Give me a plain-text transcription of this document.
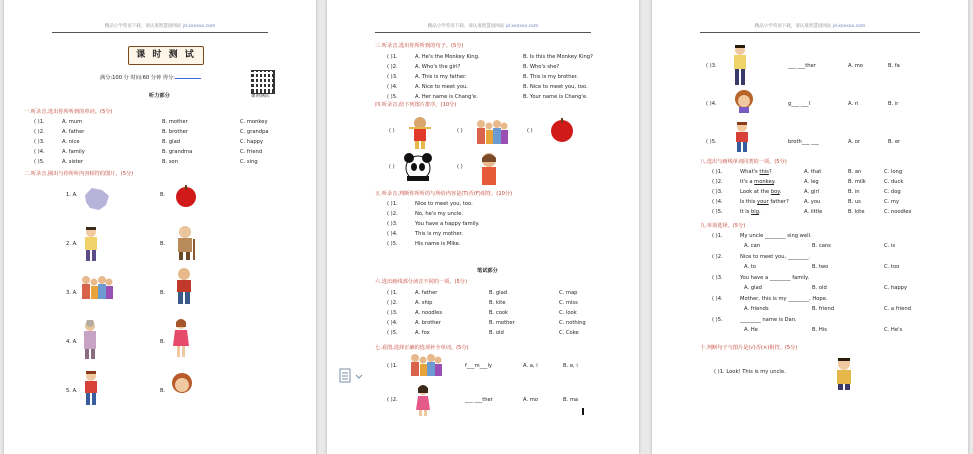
精品小学英语下载，请认准智慧园网站 jd.xxxxxx.com
课 时 测 试
满分:100 分 时间:60 分钟 得分:
课时测试
听力部分
一.听录音,选出你所听到的单词。(5分)
二.听录音,圈出与你所听内容相符的图片。(5分)
( )1.	A. mum	B. mother	C. monkey
( )2.	A. father	B. brother	C. grandpa
( )3.	A. nice	B. glad	C. happy
( )4.	A. family	B. grandma	C. friend
( )5.	A. sister	B. son	C. sing
1. A.	B.
2. A.	B.
3. A.	B.
4. A.	B.
5. A.	B.
精品小学英语下载，请认准智慧园网站 jd.xxxxxx.com
三.听录音,选出你所听到的句子。(5分)
四.听录音,给下列图片排序。(10分)
( )	( )	( )
( )	( )
五.听录音,判断你所听的与所给内容是(T)否(F)相符。(10分)
笔试部分
六.选出画线部分读音不同的一项。(5分)
七.看图,选择正确的选项补全单词。(5分)
( )1.	A. He's the Monkey King.	B. Is this the Monkey King?
( )2.	A. Who's the girl?	B. Who's she?
( )3.	A. This is my father.	B. This is my brother.
( )4.	A. Nice to meet you.	B. Nice to meet you, too.
( )5.	A. Her name is Chang'e.	B. Your name is Chang'e.
( )1.	Nice to meet you, too.
( )2.	No, he's my uncle.
( )3.	You have a happy family.
( )4.	This is my mother.
( )5.	His name is Mike.
( )1.	A. father	B. glad	C. map
( )2.	A. ship	B. kite	C. miss
( )3.	A. noodles	B. cook	C. look
( )4.	A. brother	B. mother	C. nothing
( )5.	A. fox	B. old	C. Coke
( )1.	f___m___ly	A. a, i	B. e, i
( )2.	___ ___ther	A. mo	B. ma
精品小学英语下载，请认准智慧园网站 jd.xxxxxx.com
八.选出与画线单词同类的一项。(5分)
九.单项选择。(5分)
十.判断句子与图片是(√)否(×)相符。(5分)
( )1. Look! This is my uncle.
( )3.	___ ___ther	A. mo	B. fa
( )4.	g___ ___l	A. ri	B. ir
( )5.	broth___ ___	A. or	B. er
( )1.	What's this?	A. that	B. an	C. long
( )2.	It's a monkey.	A. leg	B. milk	C. duck
( )3.	Look at the boy.	A. girl	B. in	C. dog
( )4.	Is this your father?	A. you	B. us	C. my
( )5.	It is big.	A. little	B. kite	C. noodles
( )1.	My uncle ________ sing well.
A. can	B. cans	C. is
( )2.	Nice to meet you, ________.
A. to	B. two	C. too
( )3.	You have a ________ family.
A. glad	B. old	C. happy
( )4.	Mother, this is my ________, Hope.
A. friends	B. friend	C. a friend
( )5.	________ name is Dan.
A. He	B. His	C. He's
